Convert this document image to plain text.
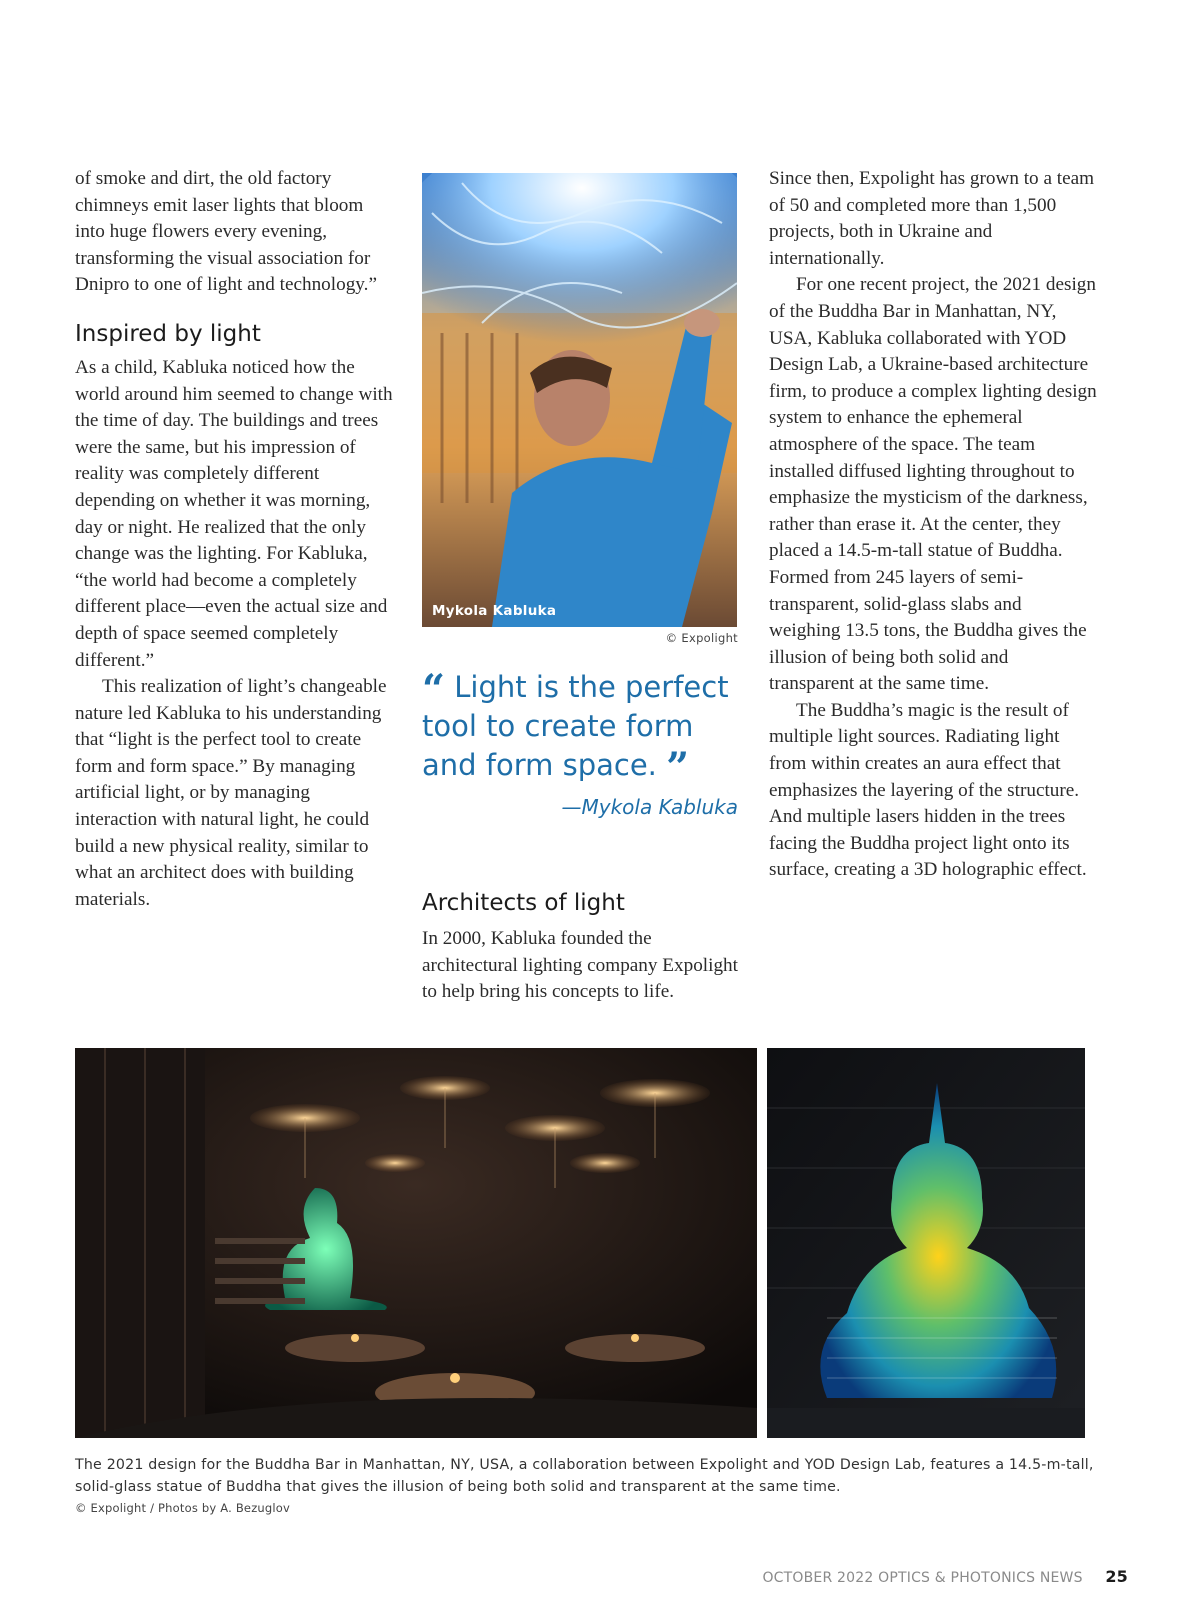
of smoke and dirt, the old factory chimneys emit laser lights that bloom into huge flowers every evening, transforming the visual association for Dnipro to one of light and technology.”

Inspired by light

As a child, Kabluka noticed how the world around him seemed to change with the time of day. The buildings and trees were the same, but his impression of reality was completely different depending on whether it was morning, day or night. He realized that the only change was the lighting. For Kabluka, “the world had become a completely different place—even the actual size and depth of space seemed completely different.”

This realization of light’s changeable nature led Kabluka to his understanding that “light is the perfect tool to create form and form space.” By managing artificial light, or by managing interaction with natural light, he could build a new physical reality, similar to what an architect does with building materials.

Mykola Kabluka
© Expolight

“ Light is the perfect tool to create form and form space. ”

—Mykola Kabluka
Architects of light

In 2000, Kabluka founded the architectural lighting company Expolight to help bring his concepts to life.

Since then, Expolight has grown to a team of 50 and completed more than 1,500 projects, both in Ukraine and internationally.

For one recent project, the 2021 design of the Buddha Bar in Manhattan, NY, USA, Kabluka collaborated with YOD Design Lab, a Ukraine-based architecture firm, to produce a complex lighting design system to enhance the ephemeral atmosphere of the space. The team installed diffused lighting throughout to emphasize the mysticism of the darkness, rather than erase it. At the center, they placed a 14.5-m-tall statue of Buddha. Formed from 245 layers of semi-transparent, solid-glass slabs and weighing 13.5 tons, the Buddha gives the illusion of being both solid and transparent at the same time.

The Buddha’s magic is the result of multiple light sources. Radiating light from within creates an aura effect that emphasizes the layering of the structure. And multiple lasers hidden in the trees facing the Buddha project light onto its surface, creating a 3D holographic effect.

The 2021 design for the Buddha Bar in Manhattan, NY, USA, a collaboration between Expolight and YOD Design Lab, features a 14.5-m-tall, solid-glass statue of Buddha that gives the illusion of being both solid and transparent at the same time.
© Expolight / Photos by A. Bezuglov
OCTOBER 2022 OPTICS & PHOTONICS NEWS 25
